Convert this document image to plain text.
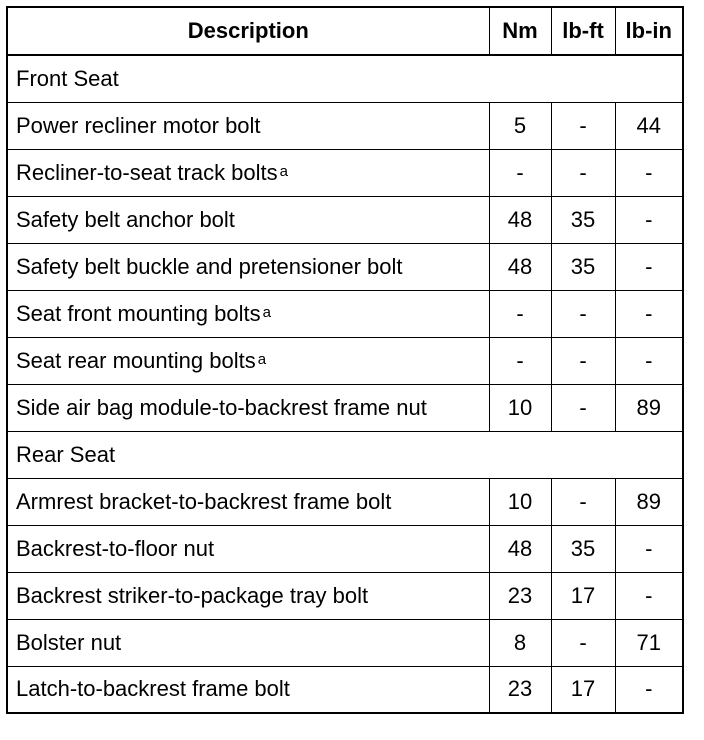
Description	Nm	lb-ft	lb-in
Front Seat			
Power recliner motor bolt	5	-	44
Recliner-to-seat track bolts $^a$	-	-	-
Safety belt anchor bolt	48	35	-
Safety belt buckle and pretensioner bolt	48	35	-
Seat front mounting bolts $^a$	-	-	-
Seat rear mounting bolts $^a$	-	-	-
Side air bag module-to-backrest frame nut	10	-	89
Rear Seat			
Armrest bracket-to-backrest frame bolt	10	-	89
Backrest-to-floor nut	48	35	-
Backrest striker-to-package tray bolt	23	17	-
Bolster nut	8	-	71
Latch-to-backrest frame bolt	23	17	-
